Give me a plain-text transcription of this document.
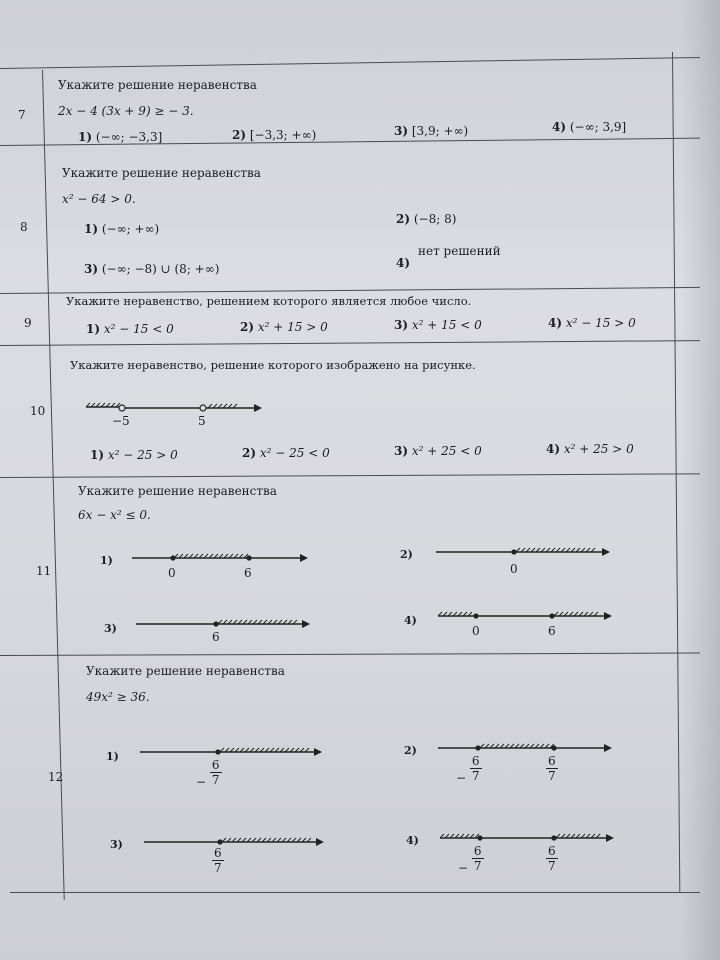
7
Укажите решение неравенства
2x − 4 (3x + 9) ≥ − 3.
1) (−∞; −3,3]	2) [−3,3; +∞)	3) [3,9; +∞)	4) (−∞; 3,9]
8
Укажите решение неравенства
x² − 64 > 0.
1) (−∞; +∞)
2) (−8; 8)
3) (−∞; −8) ∪ (8; +∞)	4)
нет решений
9
Укажите неравенство, решением которого является любое число.
1) x² − 15 < 0	2) x² + 15 > 0	3) x² + 15 < 0	4) x² − 15 > 0
10
Укажите неравенство, решение которого изображено на рисунке.
−5	5
1) x² − 25 > 0	2) x² − 25 < 0	3) x² + 25 < 0	4) x² + 25 > 0
11
Укажите решение неравенства
6x − x² ≤ 0.
1)
0	6
2)
0
3)
6
4)
0	6
12
Укажите решение неравенства
49x² ≥ 36.
1)
− $\frac{6}{7}$
2)
− $\frac{6}{7}$	$\frac{6}{7}$
3)
$\frac{6}{7}$
4)
− $\frac{6}{7}$	$\frac{6}{7}$
